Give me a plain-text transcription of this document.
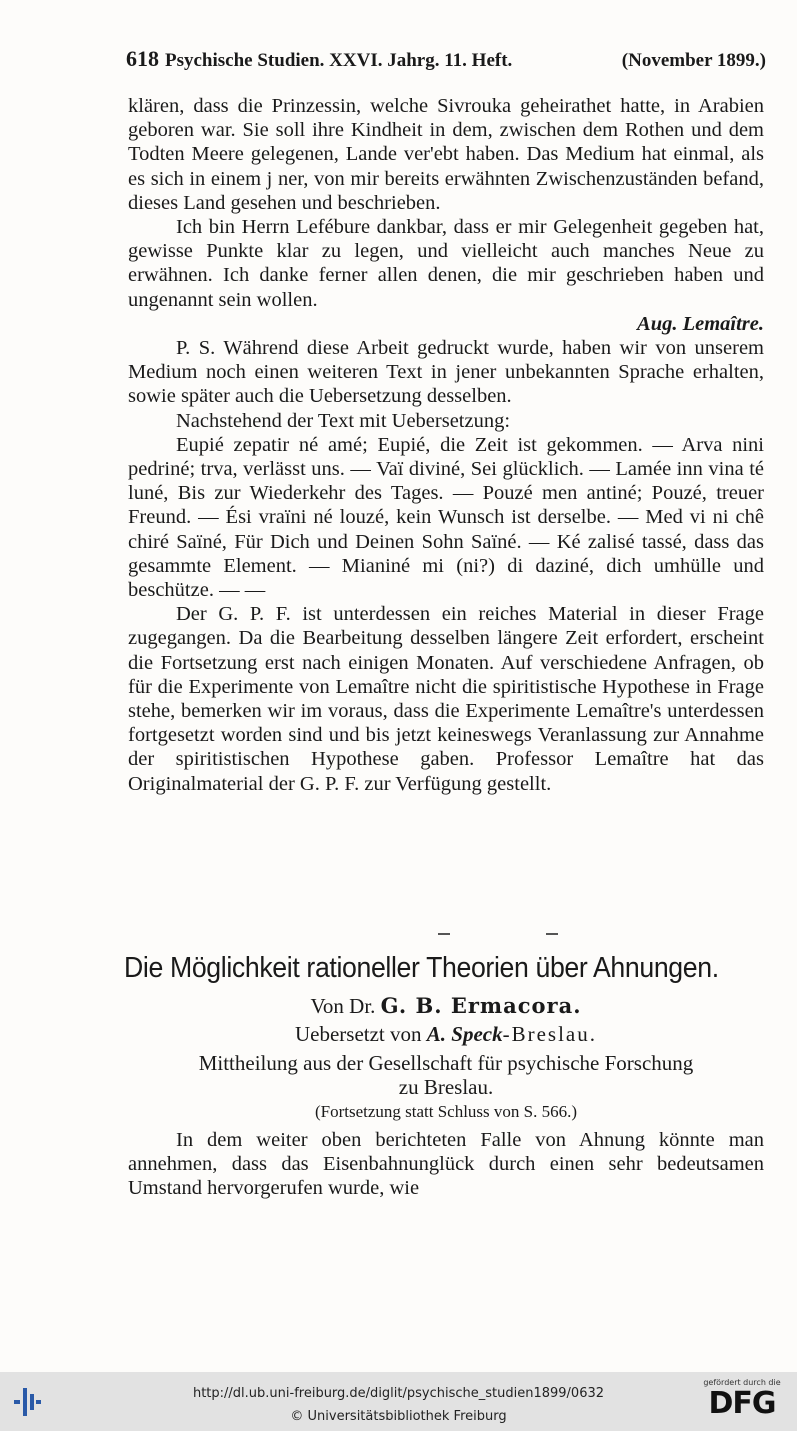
618 Psychische Studien. XXVI. Jahrg. 11. Heft.	(November 1899.)

klären, dass die Prinzessin, welche Sivrouka geheirathet hatte, in Arabien geboren war. Sie soll ihre Kindheit in dem, zwischen dem Rothen und dem Todten Meere gelegenen, Lande ver'ebt haben. Das Medium hat einmal, als es sich in einem j ner, von mir bereits erwähnten Zwischenzuständen befand, dieses Land gesehen und beschrieben.

Ich bin Herrn Lefébure dankbar, dass er mir Gelegenheit gegeben hat, gewisse Punkte klar zu legen, und vielleicht auch manches Neue zu erwähnen. Ich danke ferner allen denen, die mir geschrieben haben und ungenannt sein wollen.

Aug. Lemaître.

P. S. Während diese Arbeit gedruckt wurde, haben wir von unserem Medium noch einen weiteren Text in jener unbekannten Sprache erhalten, sowie später auch die Uebersetzung desselben.

Nachstehend der Text mit Uebersetzung:

Eupié zepatir né amé; Eupié, die Zeit ist gekommen. — Arva nini pedriné; trva, verlässt uns. — Vaï diviné, Sei glücklich. — Lamée inn vina té luné, Bis zur Wiederkehr des Tages. — Pouzé men antiné; Pouzé, treuer Freund. — Ési vraïni né louzé, kein Wunsch ist derselbe. — Med vi ni chê chiré Saïné, Für Dich und Deinen Sohn Saïné. — Ké zalisé tassé, dass das gesammte Element. — Mianiné mi (ni?) di daziné, dich umhülle und beschütze. — —

Der G. P. F. ist unterdessen ein reiches Material in dieser Frage zugegangen. Da die Bearbeitung desselben längere Zeit erfordert, erscheint die Fortsetzung erst nach einigen Monaten. Auf verschiedene Anfragen, ob für die Experimente von Lemaître nicht die spiritistische Hypothese in Frage stehe, bemerken wir im voraus, dass die Experimente Lemaître's unterdessen fortgesetzt worden sind und bis jetzt keineswegs Veranlassung zur Annahme der spiritistischen Hypothese gaben. Professor Lemaître hat das Originalmaterial der G. P. F. zur Verfügung gestellt.

Die Möglichkeit rationeller Theorien über Ahnungen.
Von Dr. G. B. Ermacora.
Uebersetzt von A. Speck-Breslau.
Mittheilung aus der Gesellschaft für psychische Forschung
zu Breslau.
(Fortsetzung statt Schluss von S. 566.)

In dem weiter oben berichteten Falle von Ahnung könnte man annehmen, dass das Eisenbahnunglück durch einen sehr bedeutsamen Umstand hervorgerufen wurde, wie

http://dl.ub.uni-freiburg.de/diglit/psychische_studien1899/0632
© Universitätsbibliothek Freiburg
gefördert durch die
DFG
